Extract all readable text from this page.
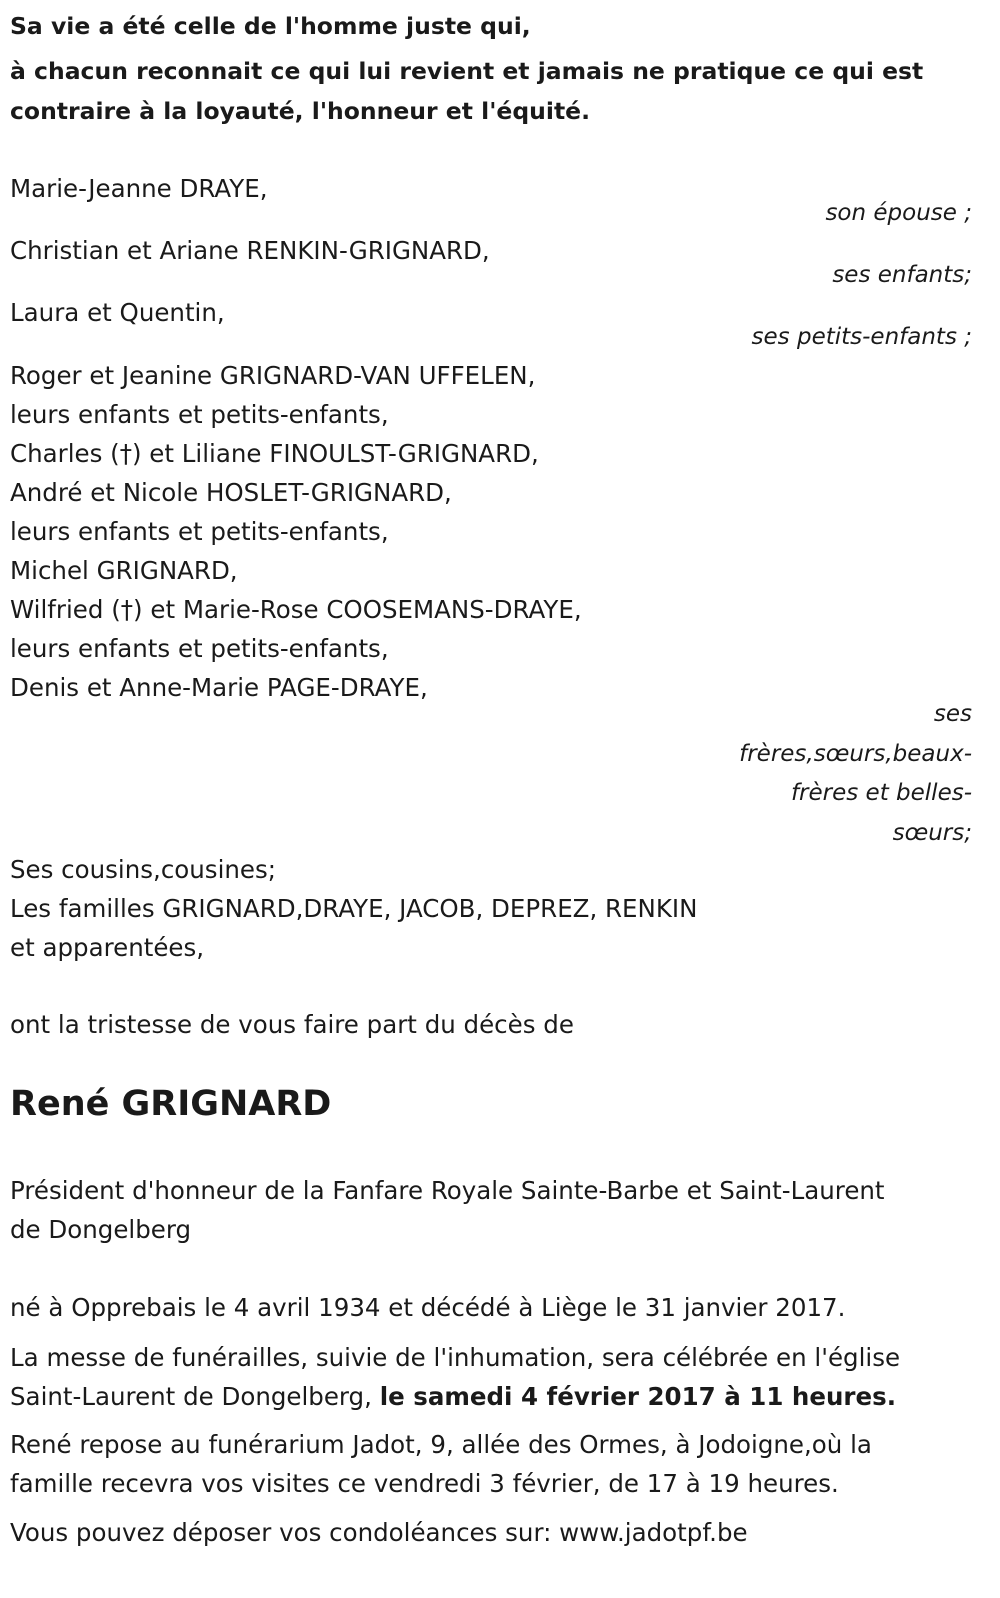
Sa vie a été celle de l'homme juste qui,
à chacun reconnait ce qui lui revient et jamais ne pratique ce qui est
contraire à la loyauté, l'honneur et l'équité.
Marie-Jeanne DRAYE,
son épouse ;
Christian et Ariane RENKIN-GRIGNARD,
ses enfants;
Laura et Quentin,
ses petits-enfants ;
Roger et Jeanine GRIGNARD-VAN UFFELEN,
leurs enfants et petits-enfants,
Charles (†) et Liliane FINOULST-GRIGNARD,
André et Nicole HOSLET-GRIGNARD,
leurs enfants et petits-enfants,
Michel GRIGNARD,
Wilfried (†) et Marie-Rose COOSEMANS-DRAYE,
leurs enfants et petits-enfants,
Denis et Anne-Marie PAGE-DRAYE,
ses
frères,sœurs,beaux-
frères et belles-
sœurs;
Ses cousins,cousines;
Les familles GRIGNARD,DRAYE, JACOB, DEPREZ, RENKIN
et apparentées,
ont la tristesse de vous faire part du décès de
René GRIGNARD
Président d'honneur de la Fanfare Royale Sainte-Barbe et Saint-Laurent
de Dongelberg
né à Opprebais le 4 avril 1934 et décédé à Liège le 31 janvier 2017.
La messe de funérailles, suivie de l'inhumation, sera célébrée en l'église
Saint-Laurent de Dongelberg, le samedi 4 février 2017 à 11 heures.
René repose au funérarium Jadot, 9, allée des Ormes, à Jodoigne,où la
famille recevra vos visites ce vendredi 3 février, de 17 à 19 heures.
Vous pouvez déposer vos condoléances sur: www.jadotpf.be
